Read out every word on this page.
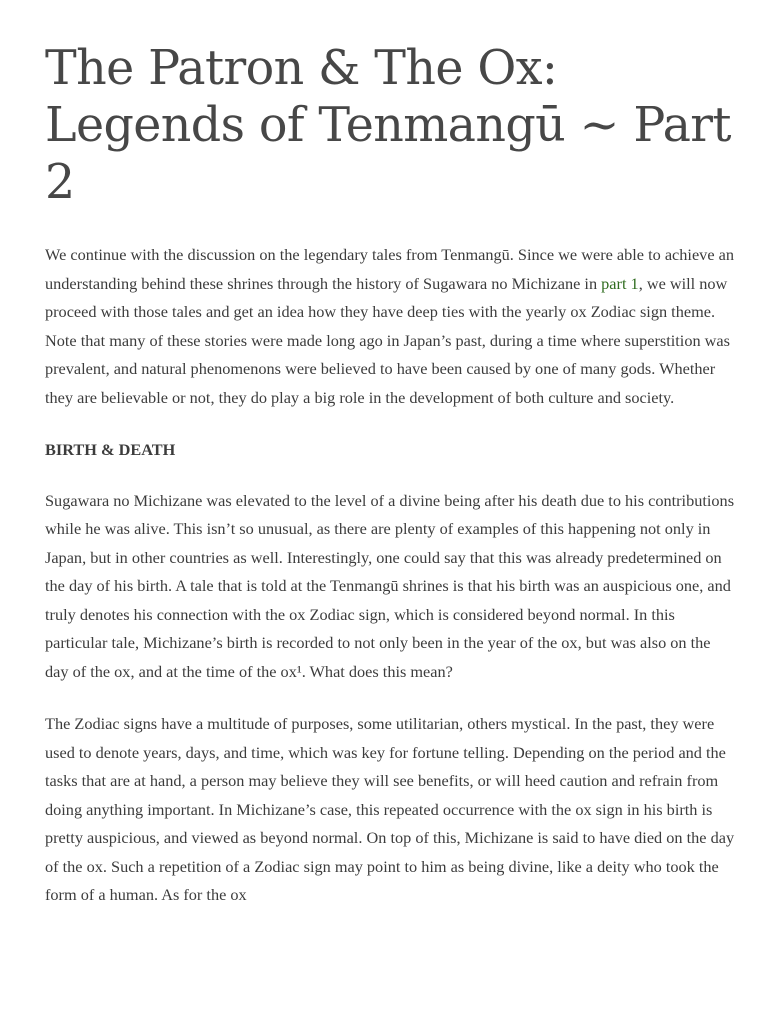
The Patron & The Ox: Legends of Tenmangū ~ Part 2

We continue with the discussion on the legendary tales from Tenmangū. Since we were able to achieve an understanding behind these shrines through the history of Sugawara no Michizane in part 1, we will now proceed with those tales and get an idea how they have deep ties with the yearly ox Zodiac sign theme. Note that many of these stories were made long ago in Japan’s past, during a time where superstition was prevalent, and natural phenomenons were believed to have been caused by one of many gods. Whether they are believable or not, they do play a big role in the development of both culture and society.

BIRTH & DEATH

Sugawara no Michizane was elevated to the level of a divine being after his death due to his contributions while he was alive. This isn’t so unusual, as there are plenty of examples of this happening not only in Japan, but in other countries as well. Interestingly, one could say that this was already predetermined on the day of his birth. A tale that is told at the Tenmangū shrines is that his birth was an auspicious one, and truly denotes his connection with the ox Zodiac sign, which is considered beyond normal. In this particular tale, Michizane’s birth is recorded to not only been in the year of the ox, but was also on the day of the ox, and at the time of the ox¹. What does this mean?

The Zodiac signs have a multitude of purposes, some utilitarian, others mystical. In the past, they were used to denote years, days, and time, which was key for fortune telling. Depending on the period and the tasks that are at hand, a person may believe they will see benefits, or will heed caution and refrain from doing anything important. In Michizane’s case, this repeated occurrence with the ox sign in his birth is pretty auspicious, and viewed as beyond normal. On top of this, Michizane is said to have died on the day of the ox. Such a repetition of a Zodiac sign may point to him as being divine, like a deity who took the form of a human. As for the ox
